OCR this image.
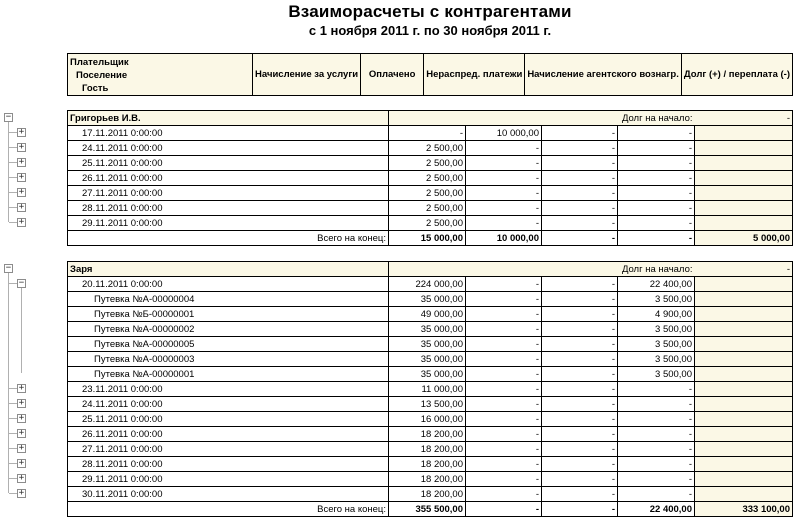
Взаиморасчеты с контрагентами
с 1 ноября 2011 г. по 30 ноября 2011 г.
Плательщик
Поселение
Гость
	Начисление за услуги	Оплачено	Нераспред. платежи	Начисление агентского вознагр.	Долг (+) / переплата (-)
Григорьев И.В.	Долг на начало:				-
17.11.2011 0:00:00	-	10 000,00	-	-	
24.11.2011 0:00:00	2 500,00	-	-	-	
25.11.2011 0:00:00	2 500,00	-	-	-	
26.11.2011 0:00:00	2 500,00	-	-	-	
27.11.2011 0:00:00	2 500,00	-	-	-	
28.11.2011 0:00:00	2 500,00	-	-	-	
29.11.2011 0:00:00	2 500,00	-	-	-	
Всего на конец:	15 000,00	10 000,00	-	-	5 000,00
−
+
+
+
+
+
+
+
Заря	Долг на начало:				-
20.11.2011 0:00:00	224 000,00	-	-	22 400,00	
Путевка №А-00000004	35 000,00	-	-	3 500,00	
Путевка №Б-00000001	49 000,00	-	-	4 900,00	
Путевка №А-00000002	35 000,00	-	-	3 500,00	
Путевка №А-00000005	35 000,00	-	-	3 500,00	
Путевка №А-00000003	35 000,00	-	-	3 500,00	
Путевка №А-00000001	35 000,00	-	-	3 500,00	
23.11.2011 0:00:00	11 000,00	-	-	-	
24.11.2011 0:00:00	13 500,00	-	-	-	
25.11.2011 0:00:00	16 000,00	-	-	-	
26.11.2011 0:00:00	18 200,00	-	-	-	
27.11.2011 0:00:00	18 200,00	-	-	-	
28.11.2011 0:00:00	18 200,00	-	-	-	
29.11.2011 0:00:00	18 200,00	-	-	-	
30.11.2011 0:00:00	18 200,00	-	-	-	
Всего на конец:	355 500,00	-	-	22 400,00	333 100,00
−
−
+
+
+
+
+
+
+
+
